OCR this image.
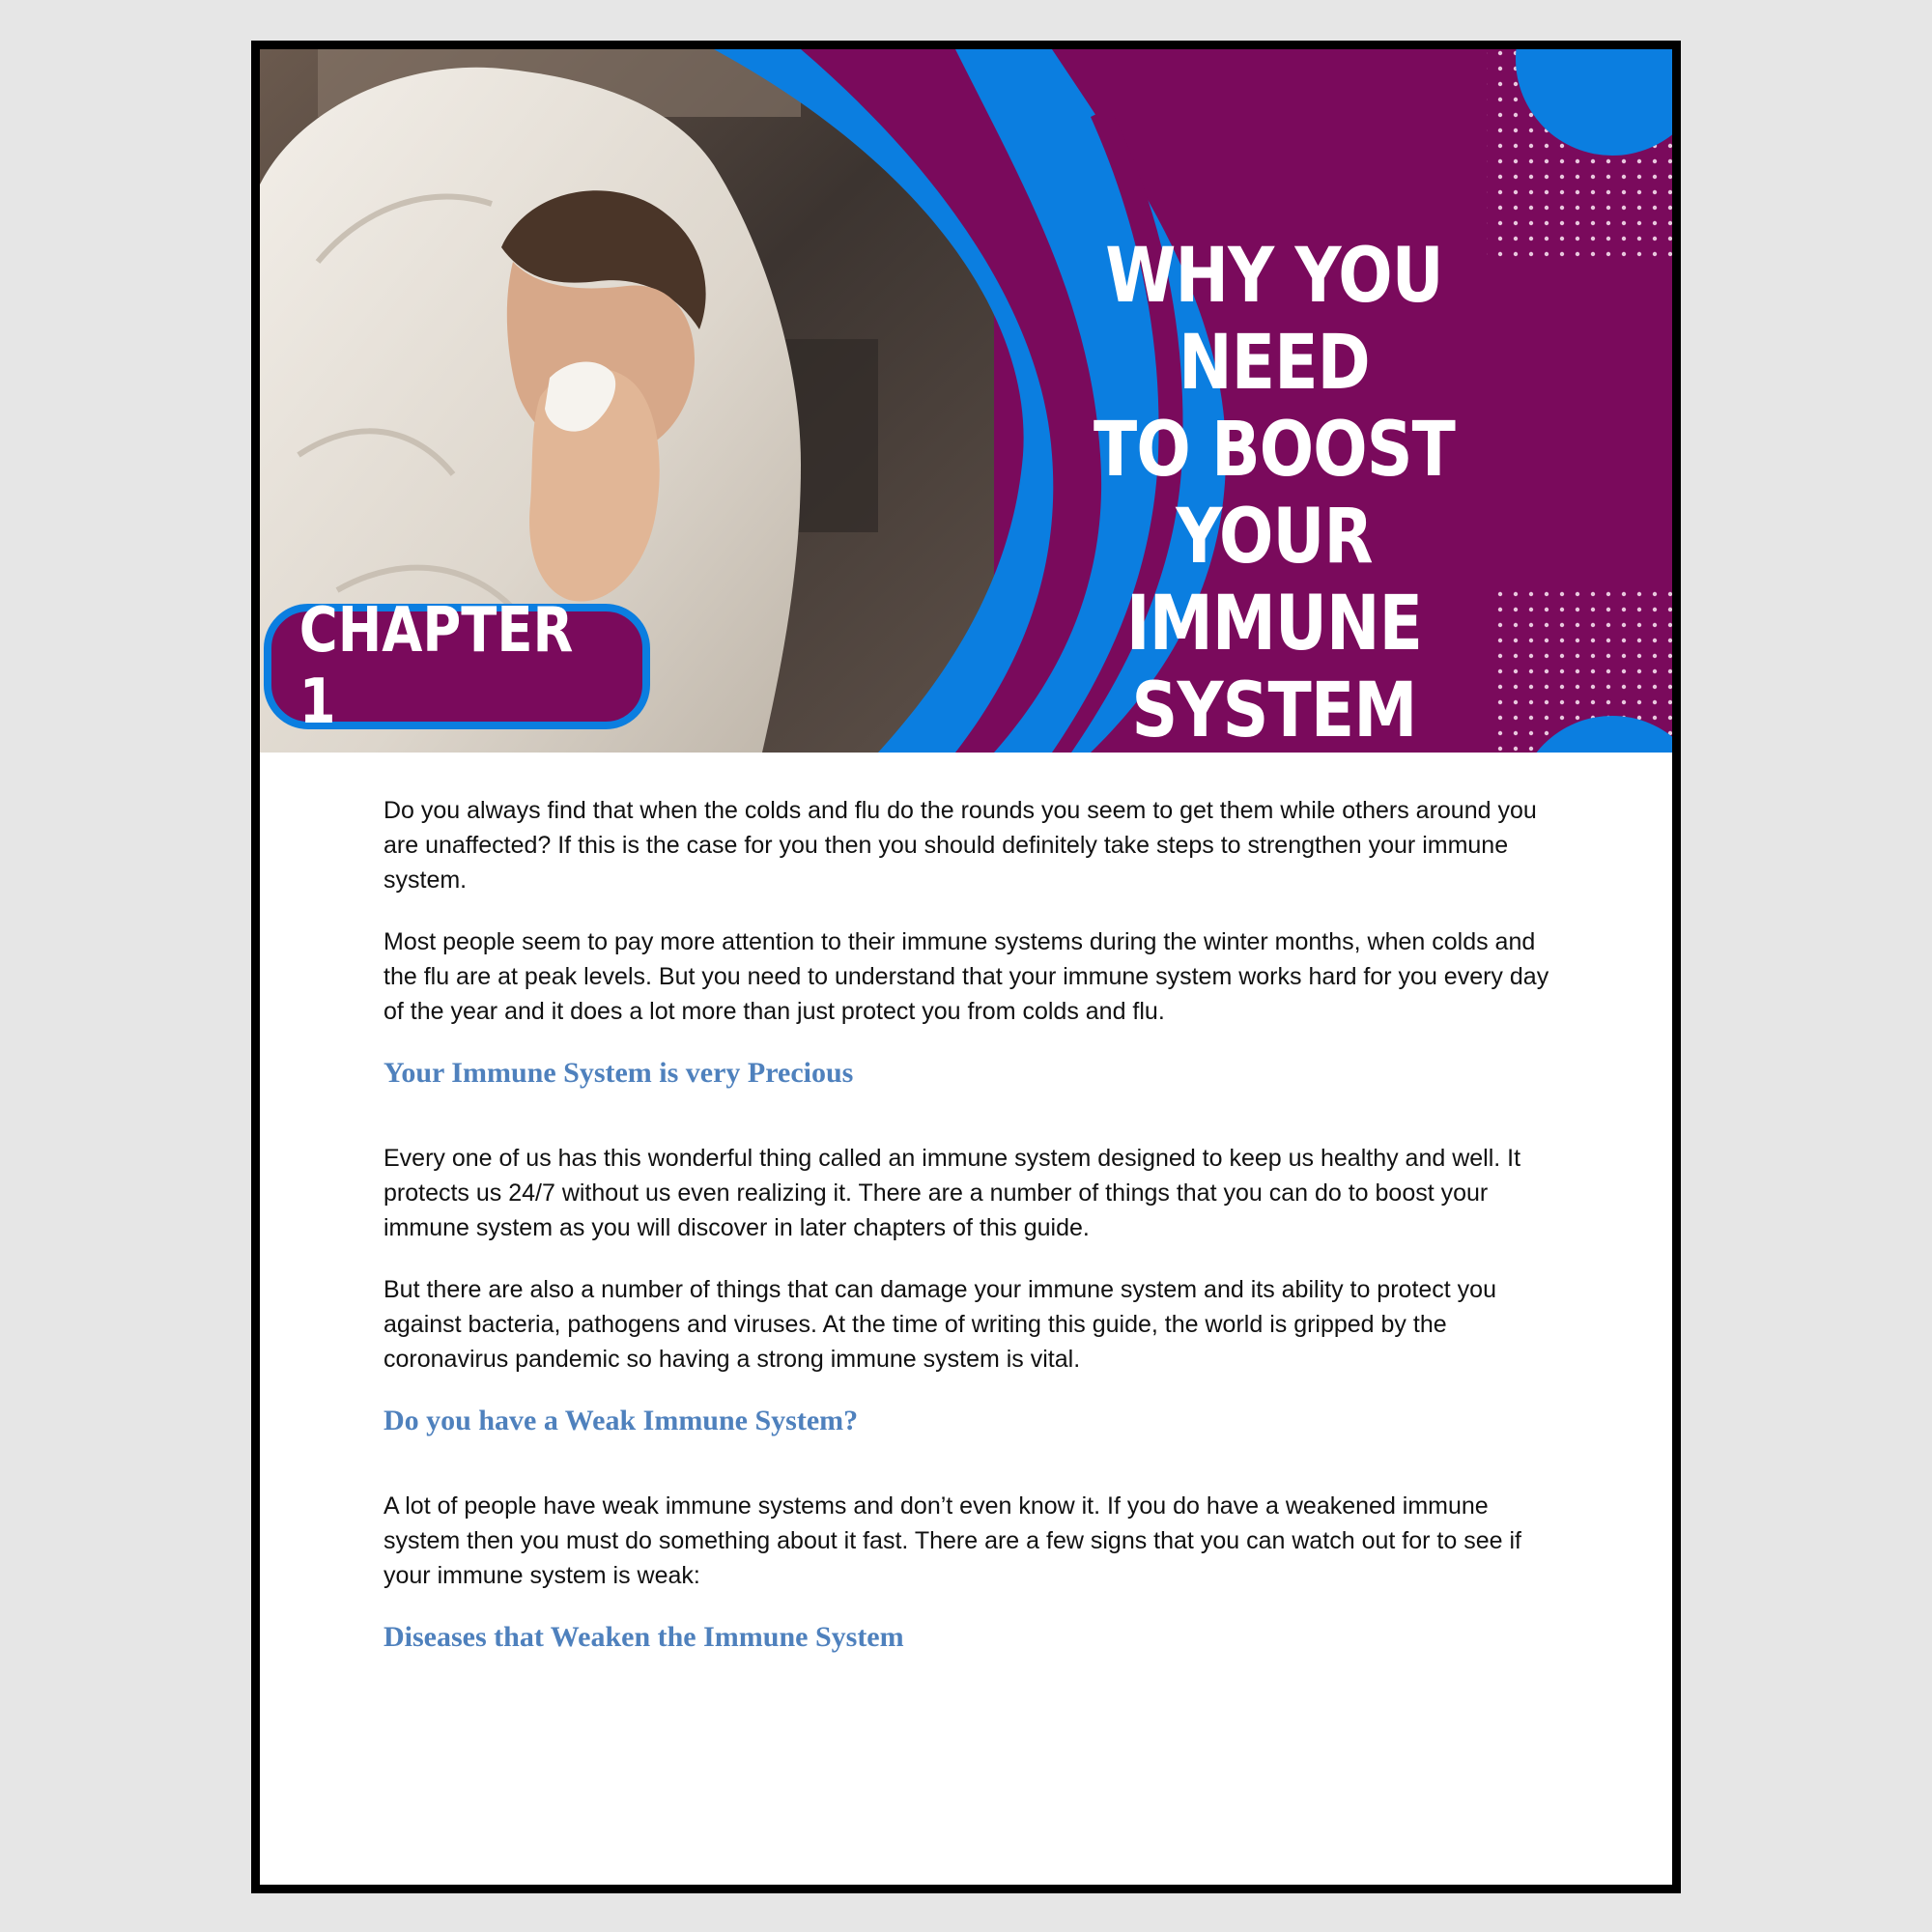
WHY YOU NEED
TO BOOST
YOUR IMMUNE
SYSTEM
CHAPTER 1

Do you always find that when the colds and flu do the rounds you seem to get them while others around you are unaffected? If this is the case for you then you should definitely take steps to strengthen your immune system.

Most people seem to pay more attention to their immune systems during the winter months, when colds and the flu are at peak levels. But you need to understand that your immune system works hard for you every day of the year and it does a lot more than just protect you from colds and flu.

Your Immune System is very Precious

Every one of us has this wonderful thing called an immune system designed to keep us healthy and well. It protects us 24/7 without us even realizing it. There are a number of things that you can do to boost your immune system as you will discover in later chapters of this guide.

But there are also a number of things that can damage your immune system and its ability to protect you against bacteria, pathogens and viruses. At the time of writing this guide, the world is gripped by the coronavirus pandemic so having a strong immune system is vital.

Do you have a Weak Immune System?

A lot of people have weak immune systems and don’t even know it. If you do have a weakened immune system then you must do something about it fast. There are a few signs that you can watch out for to see if your immune system is weak:

Diseases that Weaken the Immune System
